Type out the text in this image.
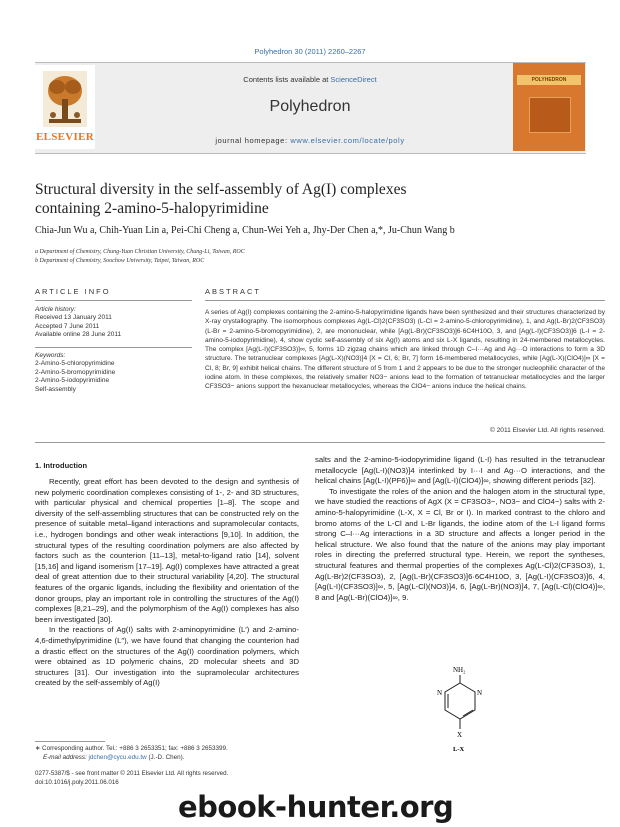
Polyhedron 30 (2011) 2260–2267
ELSEVIER
Contents lists available at ScienceDirect
Polyhedron
journal homepage: www.elsevier.com/locate/poly
POLYHEDRON
Structural diversity in the self-assembly of Ag(I) complexes
containing 2-amino-5-halopyrimidine
Chia-Jun Wu a, Chih-Yuan Lin a, Pei-Chi Cheng a, Chun-Wei Yeh a, Jhy-Der Chen a,*, Ju-Chun Wang b
a Department of Chemistry, Chung-Yuan Christian University, Chung-Li, Taiwan, ROC
b Department of Chemistry, Soochow University, Taipei, Taiwan, ROC
ARTICLE INFO
Article history:
Received 13 January 2011
Accepted 7 June 2011
Available online 28 June 2011
Keywords:
2-Amino-5-chloropyrimidine
2-Amino-5-bromopyrimidine
2-Amino-5-iodopyrimidine
Self-assembly
ABSTRACT
A series of Ag(I) complexes containing the 2-amino-5-halopyrimidine ligands have been synthesized and their structures characterized by X-ray crystallography. The isomorphous complexes Ag(L-Cl)2(CF3SO3) (L-Cl = 2-amino-5-chloropyrimidine), 1, and Ag(L-Br)2(CF3SO3) (L-Br = 2-amino-5-bromopyrimidine), 2, are mononuclear, while [Ag(L-Br)(CF3SO3)]6·6C4H10O, 3, and [Ag(L-I)(CF3SO3)]6 (L-I = 2-amino-5-iodopyrimidine), 4, show cyclic self-assembly of six Ag(I) atoms and six L-X ligands, resulting in 24-membered metallocycles. The complex [Ag(L-I)(CF3SO3)]∞, 5, forms 1D zigzag chains which are linked through C–I···Ag and Ag···O interactions to form a 3D structure. The tetranuclear complexes [Ag(L-X)(NO3)]4 [X = Cl, 6; Br, 7] form 16-membered metallocycles, while [Ag(L-X)(ClO4)]∞ [X = Cl, 8; Br, 9] exhibit helical chains. The different structure of 5 from 1 and 2 appears to be due to the stronger nucleophilic character of the iodine atom. In these complexes, the relatively smaller NO3− anions lead to the formation of tetranuclear metallocycles and the larger CF3SO3− anions support the hexanuclear metallocycles, whereas the ClO4− anions induce the helical chains.
© 2011 Elsevier Ltd. All rights reserved.
1. Introduction

Recently, great effort has been devoted to the design and synthesis of new polymeric coordination complexes consisting of 1-, 2- and 3D structures, with particular physical and chemical properties [1–8]. The scope and diversity of the self-assembling structures that can be constructed rely on the presence of suitable metal–ligand interactions and supramolecular contacts, i.e., hydrogen bondings and other weak interactions [9,10]. In addition, the structural types of the resulting coordination polymers are also affected by factors such as the counterion [11–13], metal-to-ligand ratio [14], solvent [15,16] and ligand isomerism [17–19]. Ag(I) complexes have attracted a great deal of great attention due to their structural variability [4,20]. The structural features of the organic ligands, including the flexibility and orientation of the donor groups, play an important role in controlling the structures of the Ag(I) complexes [8,21–29], and the polymorphism of the Ag(I) complexes has also been investigated [30].

In the reactions of Ag(I) salts with 2-aminopyrimidine (L′) and 2-amino-4,6-dimethylpyrimidine (L″), we have found that changing the counterion had a drastic effect on the structures of the Ag(I) coordination polymers, which were obtained as 1D polymeric chains, 2D molecular sheets and 3D structures [31]. Our investigation into the supramolecular architectures created by the self-assembly of Ag(I)

salts and the 2-amino-5-iodopyrimidine ligand (L-I) has resulted in the tetranuclear metallocycle [Ag(L-I)(NO3)]4 interlinked by I···I and Ag···O interactions, and the helical chains [Ag(L-I)(PF6)]∞ and [Ag(L-I)(ClO4)]∞, showing different periods [32].

To investigate the roles of the anion and the halogen atom in the structural type, we have studied the reactions of AgX (X = CF3SO3−, NO3− and ClO4−) salts with 2-amino-5-halopyrimidine (L-X, X = Cl, Br or I). In marked contrast to the chloro and bromo atoms of the L-Cl and L-Br ligands, the iodine atom of the L-I ligand forms strong C–I···Ag interactions in a 3D structure and affects a longer period in the helical structure. We also found that the nature of the anions may play important roles in directing the preferred structural type. Herein, we report the syntheses, structural features and thermal properties of the complexes Ag(L-Cl)2(CF3SO3), 1, Ag(L-Br)2(CF3SO3), 2, [Ag(L-Br)(CF3SO3)]6·6C4H10O, 3, [Ag(L-I)(CF3SO3)]6, 4, [Ag(L-I)(CF3SO3)]∞, 5, [Ag(L-Cl)(NO3)]4, 6, [Ag(L-Br)(NO3)]4, 7, [Ag(L-Cl)(ClO4)]∞, 8 and [Ag(L-Br)(ClO4)]∞, 9.

NH₂
N
N
X
L-X
∗ Corresponding author. Tel.: +886 3 2653351; fax: +886 3 2653399.
E-mail address: jdchen@cycu.edu.tw (J.-D. Chen).
0277-5387/$ - see front matter © 2011 Elsevier Ltd. All rights reserved.
doi:10.1016/j.poly.2011.06.016
ebook-hunter.org
